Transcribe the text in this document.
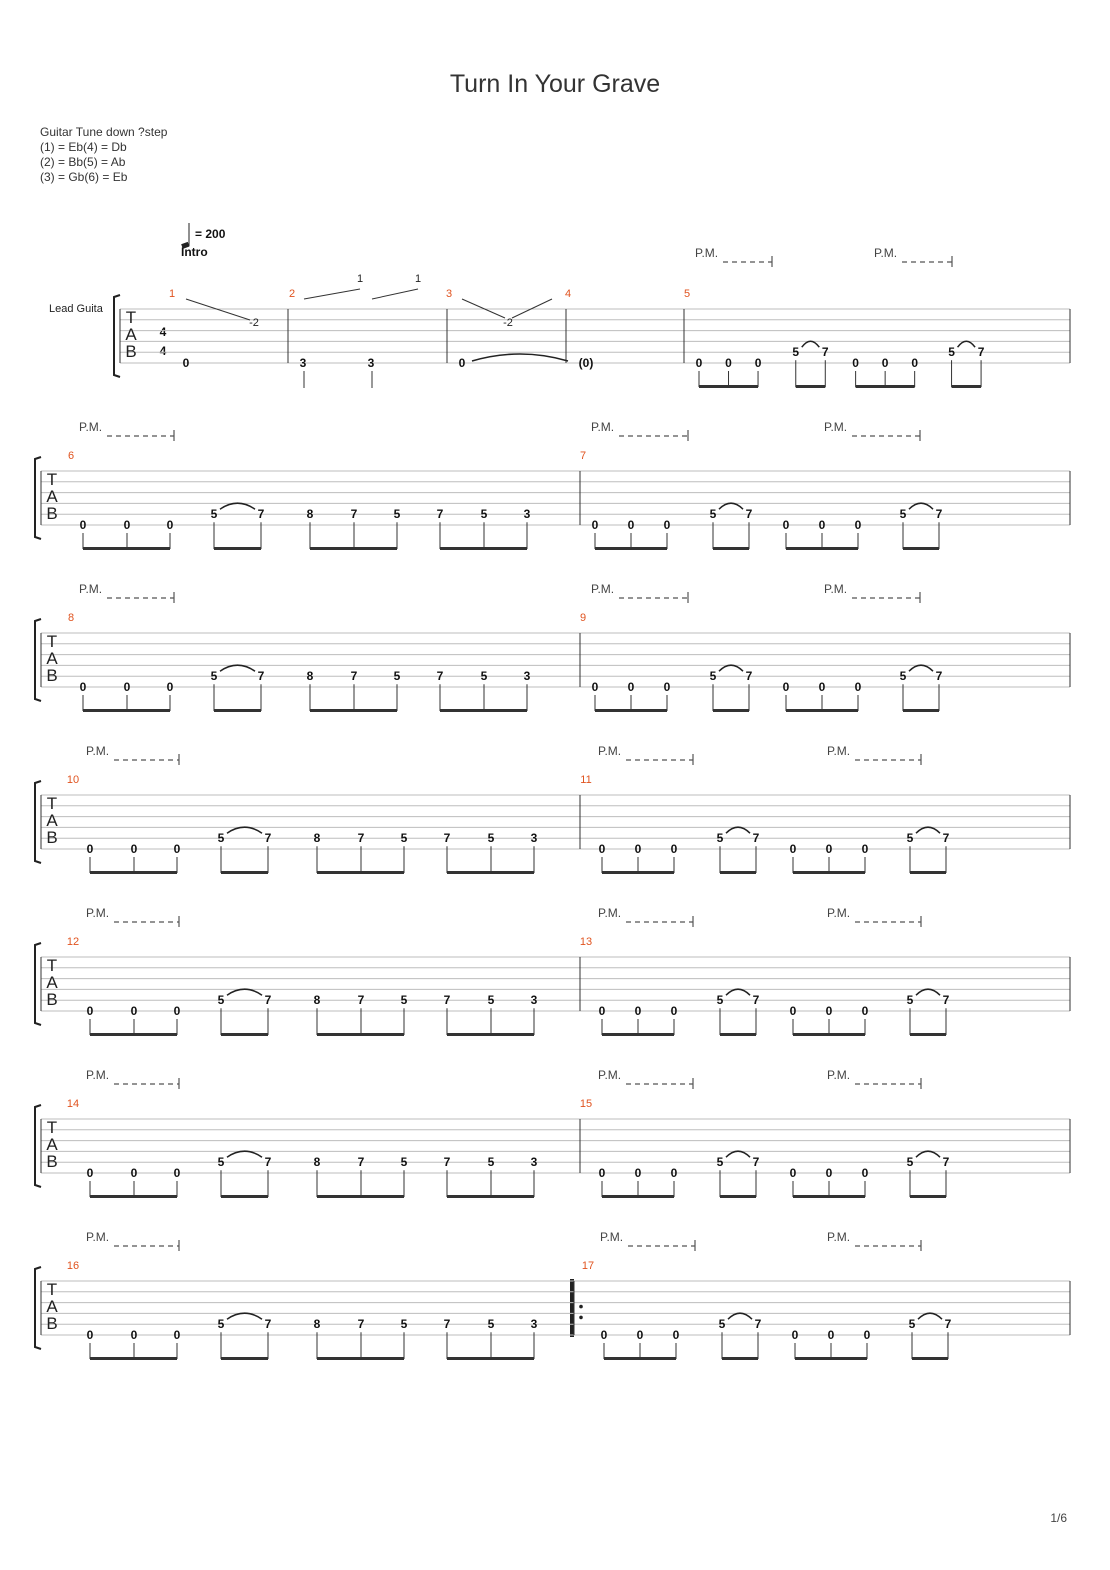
Turn In Your Grave
Guitar Tune down ?step
(1) = Eb(4) = Db
(2) = Bb(5) = Ab
(3) = Gb(6) = Eb
Lead Guita
= 200
Intro
4
4
1	2	3	4	5
6	7
8	9
10	11
12	13
14	15
16	17
P.M.	P.M.
P.M.	P.M.	P.M.
P.M.	P.M.	P.M.
P.M.	P.M.	P.M.
P.M.	P.M.	P.M.
P.M.	P.M.	P.M.
P.M.	P.M.	P.M.
T
A
B
T
A
B
T
A
B
T
A
B
T
A
B
T
A
B
T
A
B
0
-2
3	3
1	1
0
-2
(0)	0 0 0
5 7
0 0 0
5 7
0	0	0
5	7	8	7	5	7	5	3
0 0 0
5 7
0 0 0
5 7
0	0	0
5	7	8	7	5	7	5	3
0 0 0
5 7
0 0 0
5 7
0	0	0
5	7	8	7	5	7	5	3
0 0 0
5 7
0 0 0
5 7
0	0	0
5	7	8	7	5	7	5	3
0 0 0
5 7
0 0 0
5 7
0	0	0
5	7	8	7	5	7	5	3
0 0 0
5 7
0 0 0
5 7
0	0	0
5	7	8	7	5	7	5	3
0 0 0
5 7
0 0 0
5 7
1/6
